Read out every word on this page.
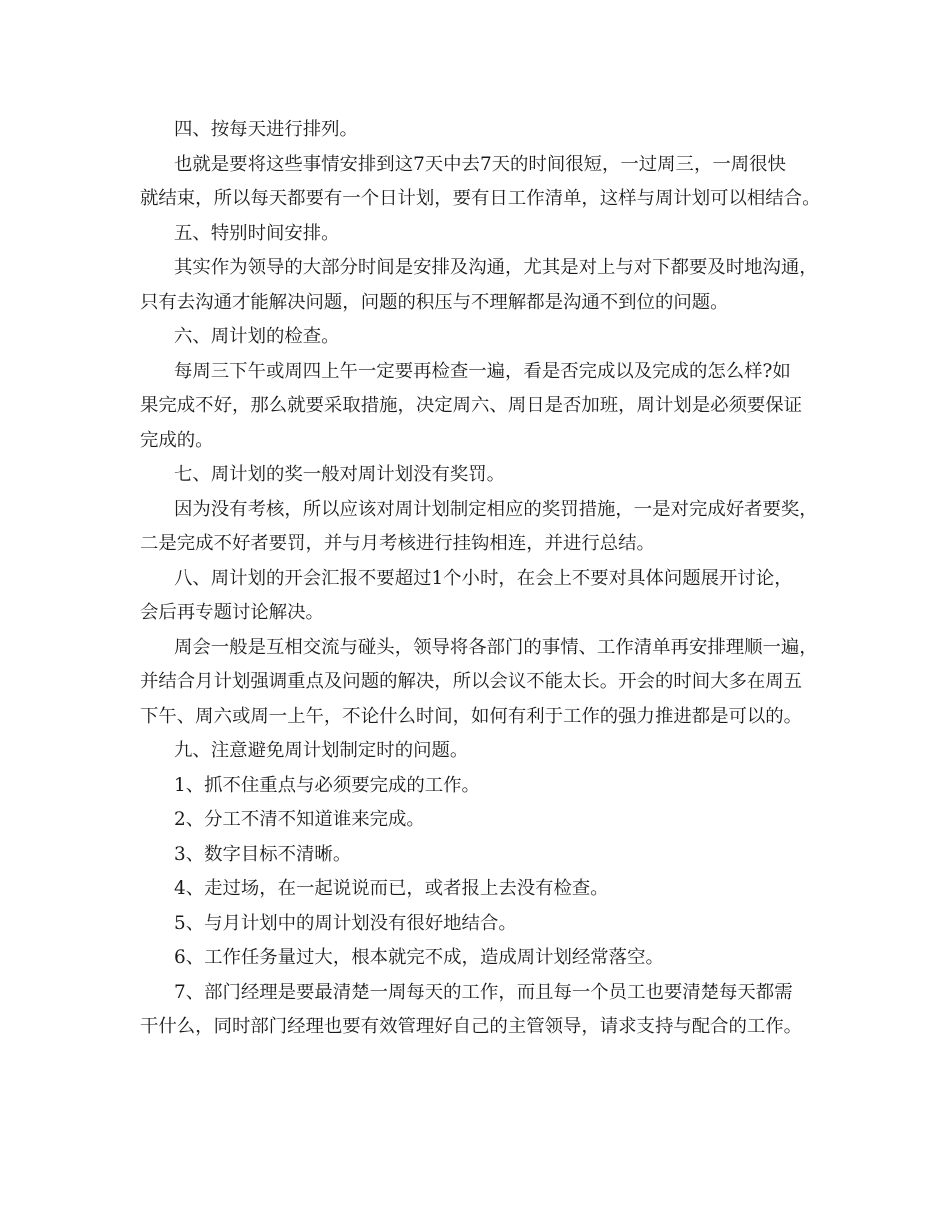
四、按每天进行排列。

也就是要将这些事情安排到这7天中去7天的时间很短，一过周三，一周很快
就结束，所以每天都要有一个日计划，要有日工作清单，这样与周计划可以相结合。

五、特别时间安排。

其实作为领导的大部分时间是安排及沟通，尤其是对上与对下都要及时地沟通，
只有去沟通才能解决问题，问题的积压与不理解都是沟通不到位的问题。

六、周计划的检查。

每周三下午或周四上午一定要再检查一遍，看是否完成以及完成的怎么样?如
果完成不好，那么就要采取措施，决定周六、周日是否加班，周计划是必须要保证
完成的。

七、周计划的奖一般对周计划没有奖罚。

因为没有考核，所以应该对周计划制定相应的奖罚措施，一是对完成好者要奖，
二是完成不好者要罚，并与月考核进行挂钩相连，并进行总结。

八、周计划的开会汇报不要超过1个小时，在会上不要对具体问题展开讨论，
会后再专题讨论解决。

周会一般是互相交流与碰头，领导将各部门的事情、工作清单再安排理顺一遍，
并结合月计划强调重点及问题的解决，所以会议不能太长。开会的时间大多在周五
下午、周六或周一上午，不论什么时间，如何有利于工作的强力推进都是可以的。

九、注意避免周计划制定时的问题。

1、抓不住重点与必须要完成的工作。

2、分工不清不知道谁来完成。

3、数字目标不清晰。

4、走过场，在一起说说而已，或者报上去没有检查。

5、与月计划中的周计划没有很好地结合。

6、工作任务量过大，根本就完不成，造成周计划经常落空。

7、部门经理是要最清楚一周每天的工作，而且每一个员工也要清楚每天都需
干什么，同时部门经理也要有效管理好自己的主管领导，请求支持与配合的工作。
